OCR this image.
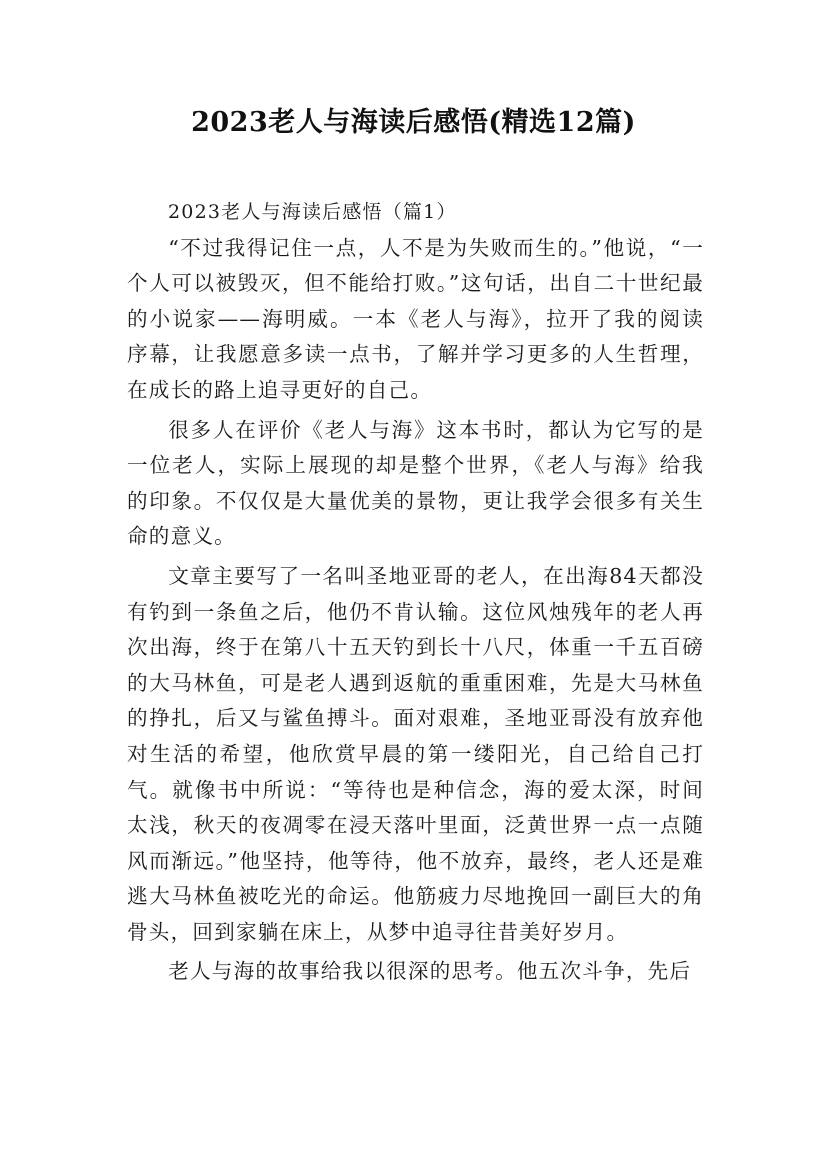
2023老人与海读后感悟(精选12篇)

2023老人与海读后感悟（篇1）

“不过我得记住一点，人不是为失败而生的。”他说，“一个人可以被毁灭，但不能给打败。”这句话，出自二十世纪最的小说家——海明威。一本《老人与海》，拉开了我的阅读序幕，让我愿意多读一点书，了解并学习更多的人生哲理，在成长的路上追寻更好的自己。

很多人在评价《老人与海》这本书时，都认为它写的是一位老人，实际上展现的却是整个世界，《老人与海》给我的印象。不仅仅是大量优美的景物，更让我学会很多有关生命的意义。

文章主要写了一名叫圣地亚哥的老人，在出海84天都没有钓到一条鱼之后，他仍不肯认输。这位风烛残年的老人再次出海，终于在第八十五天钓到长十八尺，体重一千五百磅的大马林鱼，可是老人遇到返航的重重困难，先是大马林鱼的挣扎，后又与鲨鱼搏斗。面对艰难，圣地亚哥没有放弃他对生活的希望，他欣赏早晨的第一缕阳光，自己给自己打气。就像书中所说：“等待也是种信念，海的爱太深，时间太浅，秋天的夜凋零在浸天落叶里面，泛黄世界一点一点随风而渐远。”他坚持，他等待，他不放弃，最终，老人还是难逃大马林鱼被吃光的命运。他筋疲力尽地挽回一副巨大的角骨头，回到家躺在床上，从梦中追寻往昔美好岁月。

老人与海的故事给我以很深的思考。他五次斗争，先后
